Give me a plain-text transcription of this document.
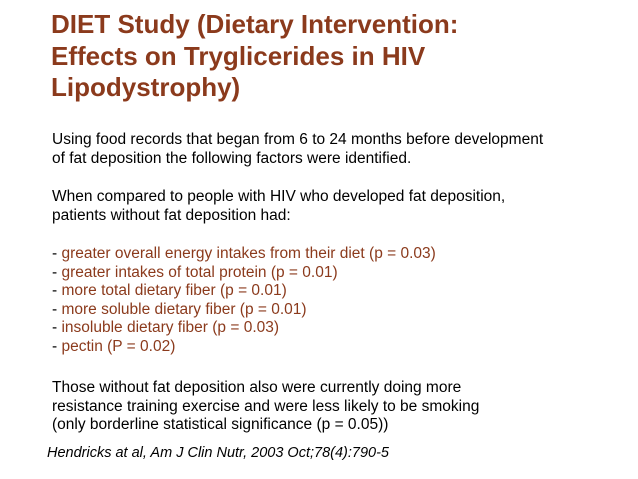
DIET Study (Dietary Intervention:
Effects on Tryglicerides in HIV
Lipodystrophy)
Using food records that began from 6 to 24 months before development
of fat deposition the following factors were identified.
When compared to people with HIV who developed fat deposition,
patients without fat deposition had:
- greater overall energy intakes from their diet (p = 0.03)
- greater intakes of total protein (p = 0.01)
- more total dietary fiber (p = 0.01)
- more soluble dietary fiber (p = 0.01)
- insoluble dietary fiber (p = 0.03)
- pectin (P = 0.02)
Those without fat deposition also were currently doing more
resistance training exercise and were less likely to be smoking
(only borderline statistical significance (p = 0.05))
Hendricks at al, Am J Clin Nutr, 2003 Oct;78(4):790-5
